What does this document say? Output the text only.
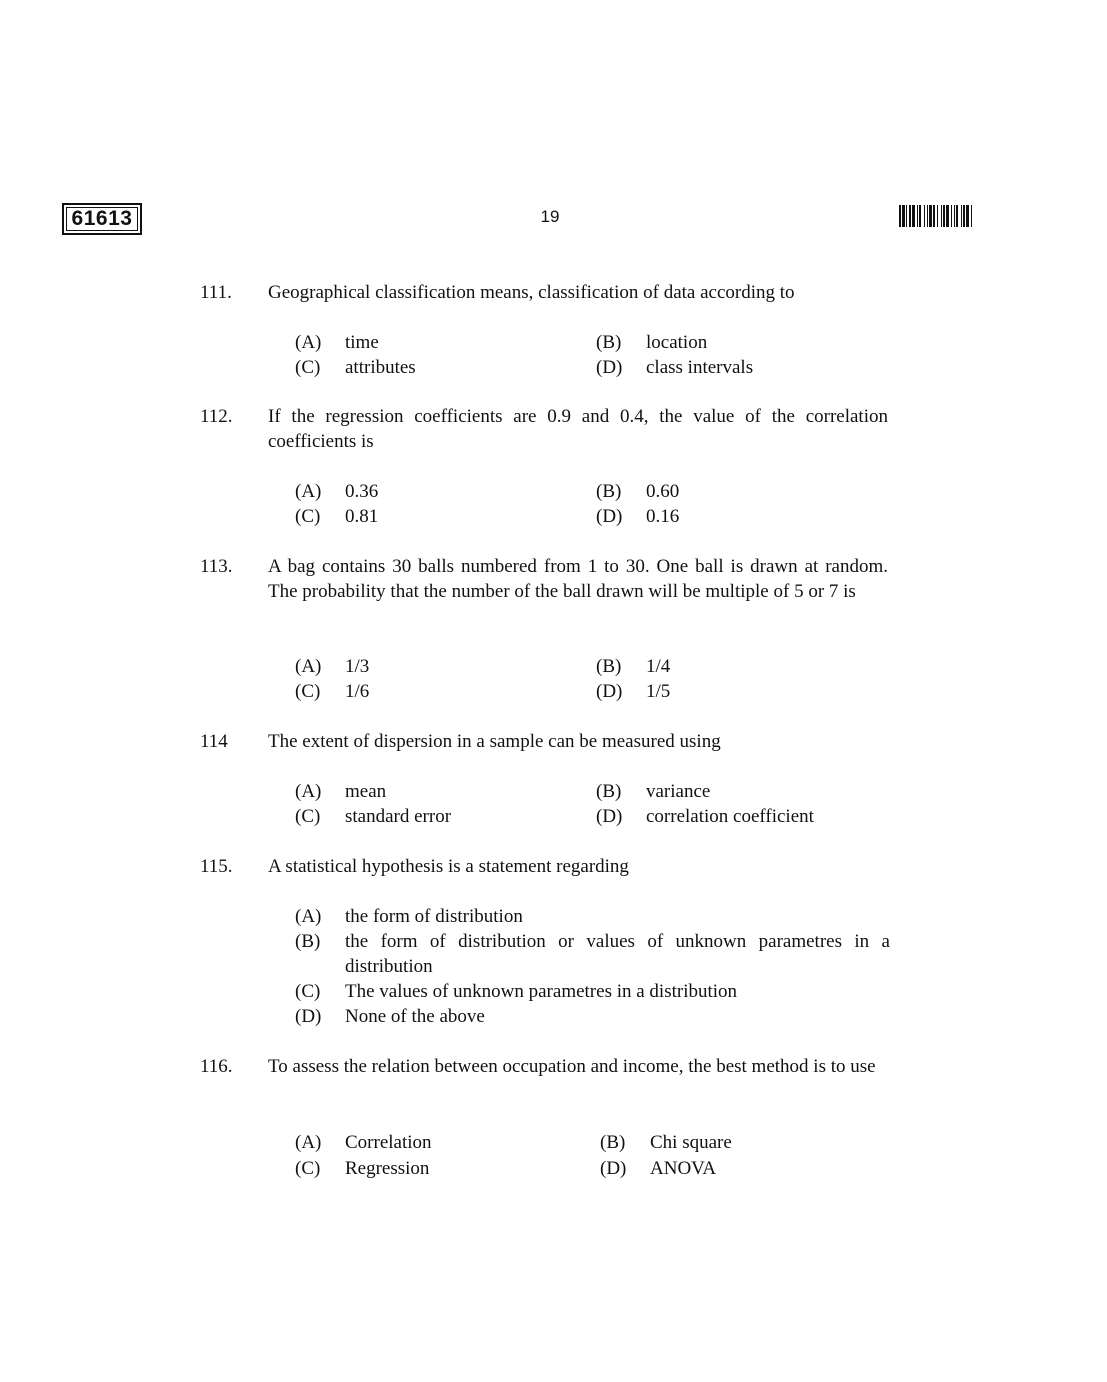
61613	19
111.	Geographical classification means, classification of data according to
(A) time	(B) location
(C) attributes	(D) class intervals
112.	If the regression coefficients are 0.9 and 0.4, the value of the correlation coefficients is
(A) 0.36	(B) 0.60
(C) 0.81	(D) 0.16
113.	A bag contains 30 balls numbered from 1 to 30. One ball is drawn at random. The probability that the number of the ball drawn will be multiple of 5 or 7 is
(A) 1/3	(B) 1/4
(C) 1/6	(D) 1/5
114	The extent of dispersion in a sample can be measured using
(A) mean	(B) variance
(C) standard error	(D) correlation coefficient
115.	A statistical hypothesis is a statement regarding
(A) the form of distribution
(B)	the form of distribution or values of unknown parametres in a distribution
(C) The values of unknown parametres in a distribution
(D) None of the above
116.	To assess the relation between occupation and income, the best method is to use
(A) Correlation	(B) Chi square
(C) Regression	(D) ANOVA
